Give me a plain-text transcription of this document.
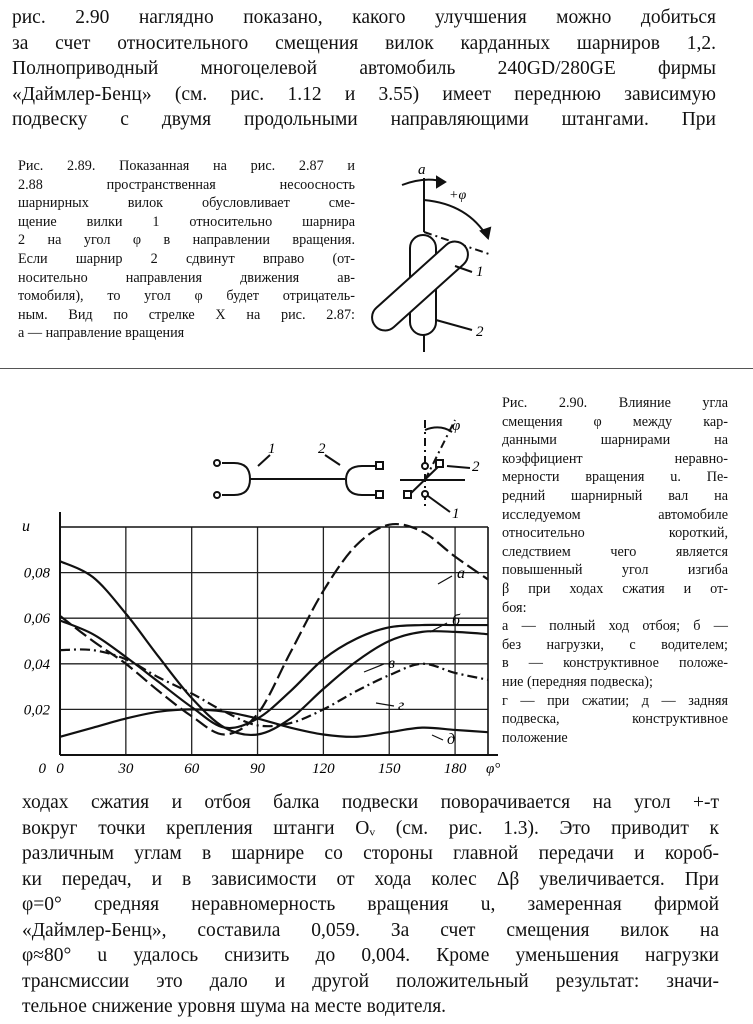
рис. 2.90 наглядно показано, какого улучшения можно добиться
за счет относительного смещения вилок карданных шарниров 1,2.
Полноприводный многоцелевой автомобиль 240GD/280GE фирмы
«Даймлер-Бенц» (см. рис. 1.12 и 3.55) имеет переднюю зависимую
подвеску с двумя продольными направляющими штангами. При
Рис. 2.89. Показанная на рис. 2.87 и
2.88 пространственная несоосность
шарнирных вилок обусловливает сме-
щение вилки 1 относительно шарнира
2 на угол φ в направлении вращения.
Если шарнир 2 сдвинут вправо (от-
носительно направления движения ав-
томобиля), то угол φ будет отрицатель-
ным. Вид по стрелке X на рис. 2.87:
a — направление вращения
a
+φ
1
2
Рис. 2.90. Влияние угла
смещения φ между кар-
данными шарнирами на
коэффициент неравно-
мерности вращения u. Пе-
редний шарнирный вал на
исследуемом автомобиле
относительно короткий,
следствием чего является
повышенный угол изгиба
β при ходах сжатия и от-
боя:
a — полный ход отбоя; б —
без нагрузки, с водителем;
в — конструктивное положе-
ние (передняя подвеска);
г — при сжатии; д — задняя
подвеска, конструктивное
положение
1	2
φ
2
1
0	30	60	90	120	150	180
0,02
0,04
0,06
0,08
0
u
φ°
а
б
в
г
д
ходах сжатия и отбоя балка подвески поворачивается на угол +-т
вокруг точки крепления штанги Oᵥ (см. рис. 1.3). Это приводит к
различным углам в шарнире со стороны главной передачи и короб-
ки передач, и в зависимости от хода колес Δβ увеличивается. При
φ=0° средняя неравномерность вращения u, замеренная фирмой
«Даймлер-Бенц», составила 0,059. За счет смещения вилок на
φ≈80° u удалось снизить до 0,004. Кроме уменьшения нагрузки
трансмиссии это дало и другой положительный результат: значи-
тельное снижение уровня шума на месте водителя.
